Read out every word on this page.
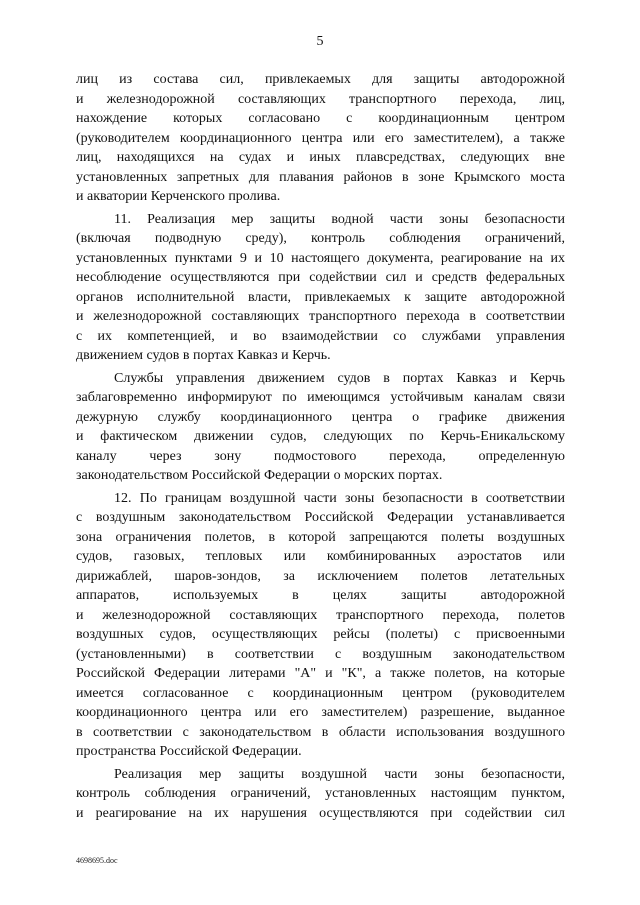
5
лиц из состава сил, привлекаемых для защиты автодорожной
и железнодорожной составляющих транспортного перехода, лиц,
нахождение которых согласовано с координационным центром
(руководителем координационного центра или его заместителем), а также
лиц, находящихся на судах и иных плавсредствах, следующих вне
установленных запретных для плавания районов в зоне Крымского моста
и акватории Керченского пролива.
11. Реализация мер защиты водной части зоны безопасности
(включая подводную среду), контроль соблюдения ограничений,
установленных пунктами 9 и 10 настоящего документа, реагирование на их
несоблюдение осуществляются при содействии сил и средств федеральных
органов исполнительной власти, привлекаемых к защите автодорожной
и железнодорожной составляющих транспортного перехода в соответствии
с их компетенцией, и во взаимодействии со службами управления
движением судов в портах Кавказ и Керчь.
Службы управления движением судов в портах Кавказ и Керчь
заблаговременно информируют по имеющимся устойчивым каналам связи
дежурную службу координационного центра о графике движения
и фактическом движении судов, следующих по Керчь-Еникальскому
каналу через зону подмостового перехода, определенную
законодательством Российской Федерации о морских портах.
12. По границам воздушной части зоны безопасности в соответствии
с воздушным законодательством Российской Федерации устанавливается
зона ограничения полетов, в которой запрещаются полеты воздушных
судов, газовых, тепловых или комбинированных аэростатов или
дирижаблей, шаров-зондов, за исключением полетов летательных
аппаратов, используемых в целях защиты автодорожной
и железнодорожной составляющих транспортного перехода, полетов
воздушных судов, осуществляющих рейсы (полеты) с присвоенными
(установленными) в соответствии с воздушным законодательством
Российской Федерации литерами "А" и "К", а также полетов, на которые
имеется согласованное с координационным центром (руководителем
координационного центра или его заместителем) разрешение, выданное
в соответствии с законодательством в области использования воздушного
пространства Российской Федерации.
Реализация мер защиты воздушной части зоны безопасности,
контроль соблюдения ограничений, установленных настоящим пунктом,
и реагирование на их нарушения осуществляются при содействии сил
4698695.doc
